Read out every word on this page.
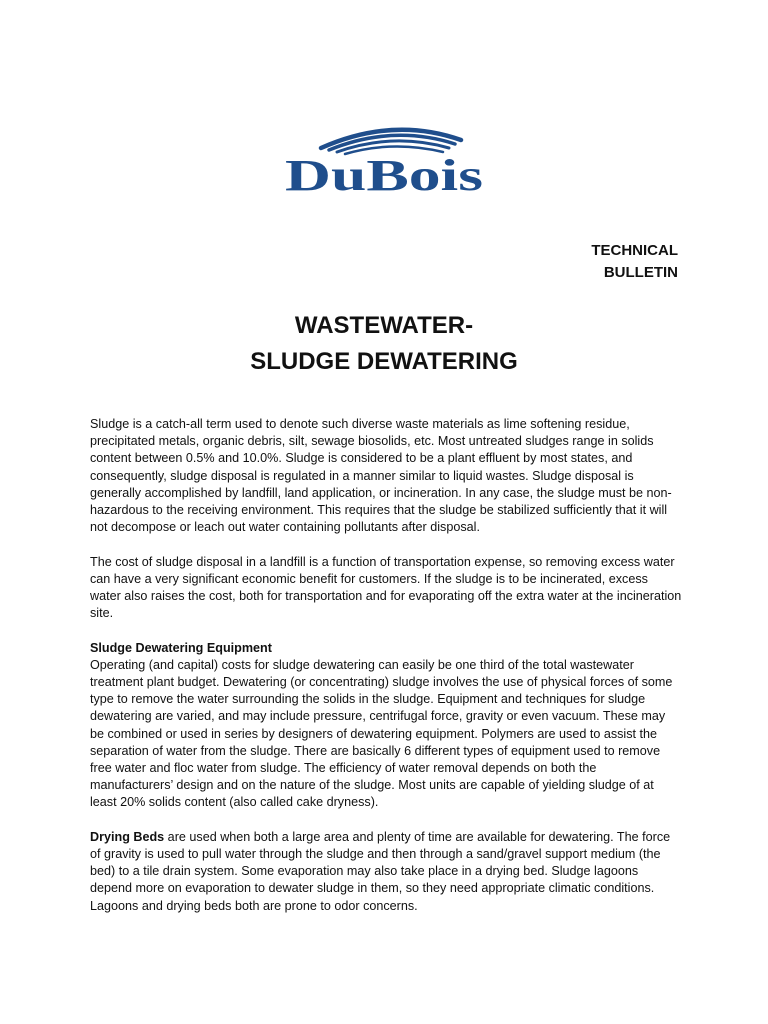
DuBois
TECHNICAL
BULLETIN
WASTEWATER-
SLUDGE DEWATERING

Sludge is a catch-all term used to denote such diverse waste materials as lime softening residue, precipitated metals, organic debris, silt, sewage biosolids, etc. Most untreated sludges range in solids content between 0.5% and 10.0%. Sludge is considered to be a plant effluent by most states, and consequently, sludge disposal is regulated in a manner similar to liquid wastes. Sludge disposal is generally accomplished by landfill, land application, or incineration. In any case, the sludge must be non-hazardous to the receiving environment. This requires that the sludge be stabilized sufficiently that it will not decompose or leach out water containing pollutants after disposal.

The cost of sludge disposal in a landfill is a function of transportation expense, so removing excess water can have a very significant economic benefit for customers. If the sludge is to be incinerated, excess water also raises the cost, both for transportation and for evaporating off the extra water at the incineration site.

Sludge Dewatering Equipment

Operating (and capital) costs for sludge dewatering can easily be one third of the total wastewater treatment plant budget. Dewatering (or concentrating) sludge involves the use of physical forces of some type to remove the water surrounding the solids in the sludge. Equipment and techniques for sludge dewatering are varied, and may include pressure, centrifugal force, gravity or even vacuum. These may be combined or used in series by designers of dewatering equipment. Polymers are used to assist the separation of water from the sludge. There are basically 6 different types of equipment used to remove free water and floc water from sludge. The efficiency of water removal depends on both the manufacturers’ design and on the nature of the sludge. Most units are capable of yielding sludge of at least 20% solids content (also called cake dryness).

Drying Beds are used when both a large area and plenty of time are available for dewatering. The force of gravity is used to pull water through the sludge and then through a sand/gravel support medium (the bed) to a tile drain system. Some evaporation may also take place in a drying bed. Sludge lagoons depend more on evaporation to dewater sludge in them, so they need appropriate climatic conditions. Lagoons and drying beds both are prone to odor concerns.
